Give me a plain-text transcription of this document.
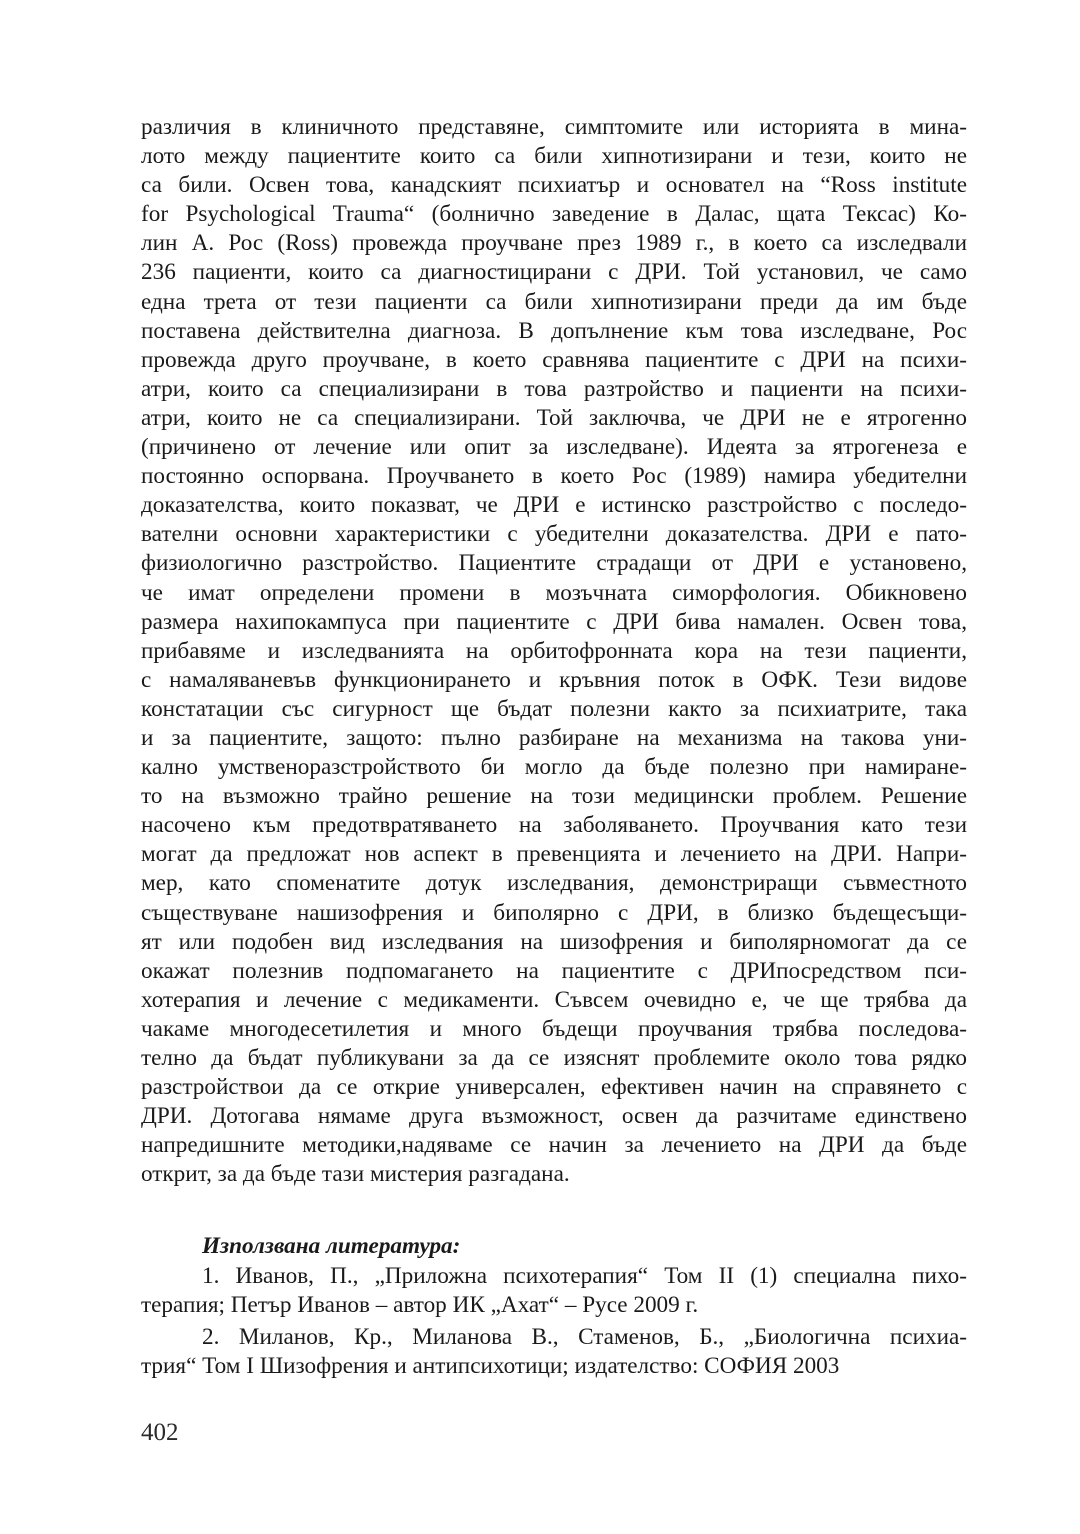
различия в клиничното представяне, симптомите или историята в мина-
лото между пациентите които са били хипнотизирани и тези, които не
са били. Освен това, канадският психиатър и основател на “Ross institute
for Psychological Trauma“ (болнично заведение в Далас, щата Тексас) Ко-
лин А. Рос (Ross) провежда проучване през 1989 г., в което са изследвали
236 пациенти, които са диагностицирани с ДРИ. Той установил, че само
една трета от тези пациенти са били хипнотизирани преди да им бъде
поставена действителна диагноза. В допълнение към това изследване, Рос
провежда друго проучване, в което сравнява пациентите с ДРИ на психи-
атри, които са специализирани в това разтройство и пациенти на психи-
атри, които не са специализирани. Той заключва, че ДРИ не е ятрогенно
(причинено от лечение или опит за изследване). Идеята за ятрогенеза е
постоянно оспорвана. Проучването в което Рос (1989) намира убедителни
доказателства, които показват, че ДРИ е истинско разстройство с последо-
вателни основни характеристики с убедителни доказателства. ДРИ е пато-
физиологично разстройство. Пациентите страдащи от ДРИ е установено,
че имат определени промени в мозъчната симорфология. Обикновено
размера нахипокампуса при пациентите с ДРИ бива намален. Освен това,
прибавяме и изследванията на орбитофронната кора на тези пациенти,
с намаляваневъв функционирането и кръвния поток в ОФК. Тези видове
констатации със сигурност ще бъдат полезни както за психиатрите, така
и за пациентите, защото: пълно разбиране на механизма на такова уни-
кално умственоразстройството би могло да бъде полезно при намиране-
то на възможно трайно решение на този медицински проблем. Решение
насочено към предотвратяването на заболяването. Проучвания като тези
могат да предложат нов аспект в превенцията и лечението на ДРИ. Напри-
мер, като споменатите дотук изследвания, демонстриращи съвместното
съществуване нашизофрения и биполярно с ДРИ, в близко бъдещесъщи-
ят или подобен вид изследвания на шизофрения и биполярномогат да се
окажат полезнив подпомагането на пациентите с ДРИпосредством пси-
хотерапия и лечение с медикаменти. Съвсем очевидно е, че ще трябва да
чакаме многодесетилетия и много бъдещи проучвания трябва последова-
телно да бъдат публикувани за да се изяснят проблемите около това рядко
разстройствои да се открие универсален, ефективен начин на справянето с
ДРИ. Дотогава нямаме друга възможност, освен да разчитаме единствено
напредишните методики,надяваме се начин за лечението на ДРИ да бъде
открит, за да бъде тази мистерия разгадана.
Използвана литература:
1. Иванов, П., „Приложна психотерапия“ Том II (1) специална пихо-
терапия; Петър Иванов – автор ИК „Ахат“ – Русе 2009 г.
2. Миланов, Кр., Миланова В., Стаменов, Б., „Биологична психиа-
трия“ Том I Шизофрения и антипсихотици; издателство: СОФИЯ 2003
402
